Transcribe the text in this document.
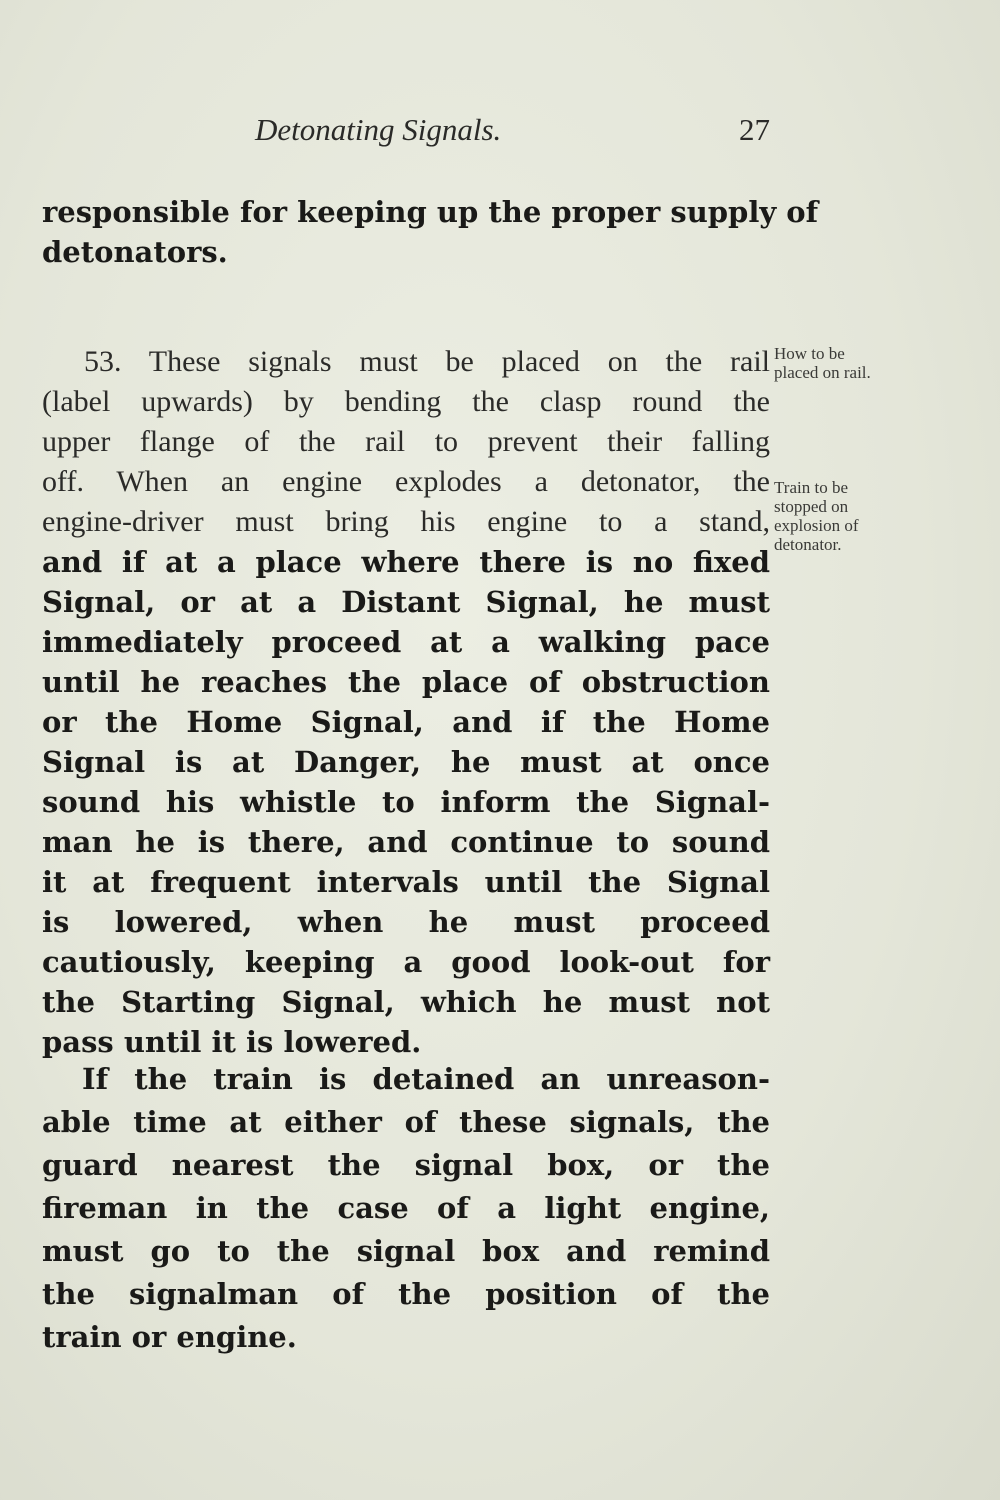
Detonating Signals.	27
responsible for keeping up the proper supply of
detonators.
53. These signals must be placed on the rail
(label upwards) by bending the clasp round the
upper flange of the rail to prevent their falling
off. When an engine explodes a detonator, the
engine-driver must bring his engine to a stand,
and if at a place where there is no fixed
Signal, or at a Distant Signal, he must
immediately proceed at a walking pace
until he reaches the place of obstruction
or the Home Signal, and if the Home
Signal is at Danger, he must at once
sound his whistle to inform the Signal-
man he is there, and continue to sound
it at frequent intervals until the Signal
is lowered, when he must proceed
cautiously, keeping a good look-out for
the Starting Signal, which he must not
pass until it is lowered.
If the train is detained an unreason-
able time at either of these signals, the
guard nearest the signal box, or the
fireman in the case of a light engine,
must go to the signal box and remind
the signalman of the position of the
train or engine.
How to be
placed on rail.
Train to be
stopped on
explosion of
detonator.
